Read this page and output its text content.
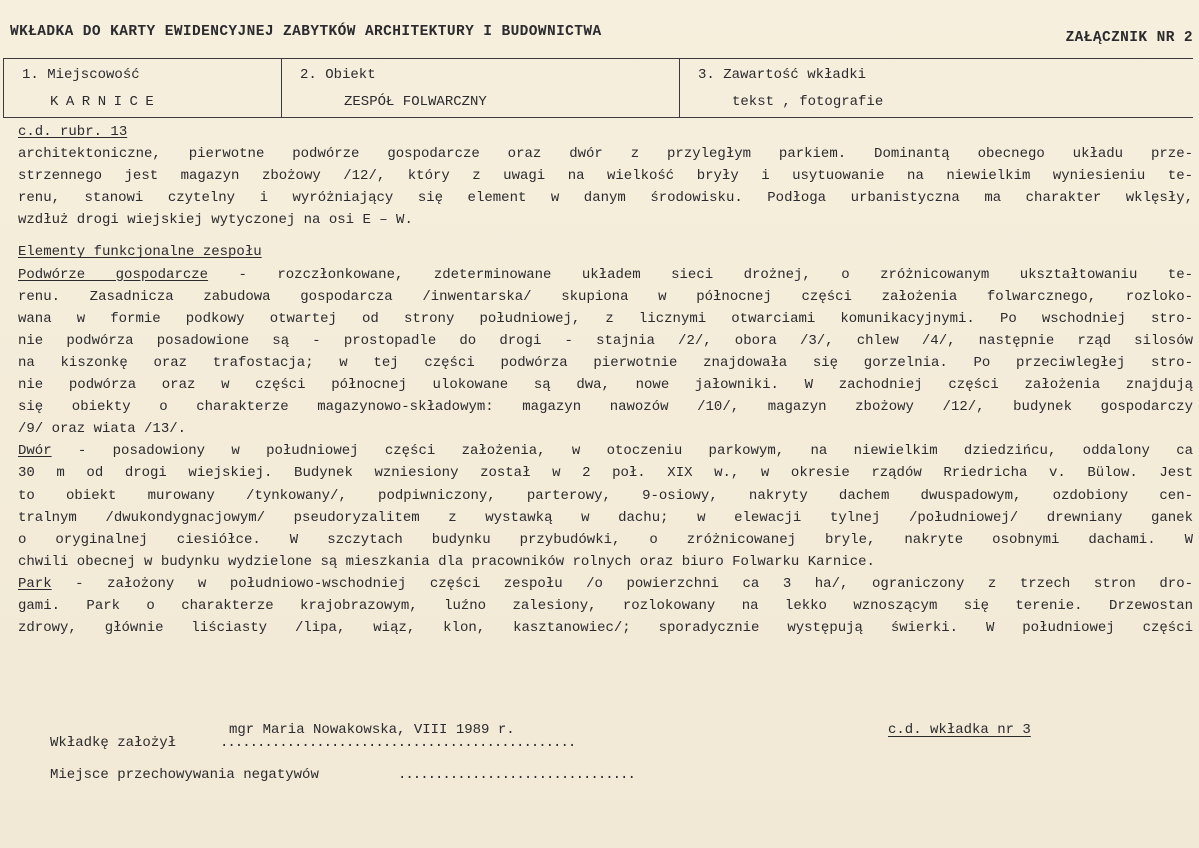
WKŁADKA DO KARTY EWIDENCYJNEJ ZABYTKÓW ARCHITEKTURY I BUDOWNICTWA	ZAŁĄCZNIK NR 2
1. Miejscowość
KARNICE
2. Obiekt
ZESPÓŁ FOLWARCZNY
3. Zawartość wkładki
tekst , fotografie
c.d. rubr. 13
architektoniczne, pierwotne podwórze gospodarcze oraz dwór z przyległym parkiem. Dominantą obecnego układu prze-
strzennego jest magazyn zbożowy /12/, który z uwagi na wielkość bryły i usytuowanie na niewielkim wyniesieniu te-
renu, stanowi czytelny i wyróżniający się element w danym środowisku. Podłoga urbanistyczna ma charakter wklęsły,
wzdłuż drogi wiejskiej wytyczonej na osi E – W.
Elementy funkcjonalne zespołu
Podwórze gospodarcze - rozczłonkowane, zdeterminowane układem sieci drożnej, o zróżnicowanym ukształtowaniu te-
renu. Zasadnicza zabudowa gospodarcza /inwentarska/ skupiona w północnej części założenia folwarcznego, rozloko-
wana w formie podkowy otwartej od strony południowej, z licznymi otwarciami komunikacyjnymi. Po wschodniej stro-
nie podwórza posadowione są - prostopadle do drogi - stajnia /2/, obora /3/, chlew /4/, następnie rząd silosów
na kiszonkę oraz trafostacja; w tej części podwórza pierwotnie znajdowała się gorzelnia. Po przeciwległej stro-
nie podwórza oraz w części północnej ulokowane są dwa, nowe jałowniki. W zachodniej części założenia znajdują
się obiekty o charakterze magazynowo-składowym: magazyn nawozów /10/, magazyn zbożowy /12/, budynek gospodarczy
/9/ oraz wiata /13/.
Dwór - posadowiony w południowej części założenia, w otoczeniu parkowym, na niewielkim dziedzińcu, oddalony ca
30 m od drogi wiejskiej. Budynek wzniesiony został w 2 poł. XIX w., w okresie rządów Rriedricha v. Bülow. Jest
to obiekt murowany /tynkowany/, podpiwniczony, parterowy, 9-osiowy, nakryty dachem dwuspadowym, ozdobiony cen-
tralnym /dwukondygnacjowym/ pseudoryzalitem z wystawką w dachu; w elewacji tylnej /południowej/ drewniany ganek
o oryginalnej ciesiółce. W szczytach budynku przybudówki, o zróżnicowanej bryle, nakryte osobnymi dachami. W
chwili obecnej w budynku wydzielone są mieszkania dla pracowników rolnych oraz biuro Folwarku Karnice.
Park - założony w południowo-wschodniej części zespołu /o powierzchni ca 3 ha/, ograniczony z trzech stron dro-
gami. Park o charakterze krajobrazowym, luźno zalesiony, rozlokowany na lekko wznoszącym się terenie. Drzewostan
zdrowy, głównie liściasty /lipa, wiąz, klon, kasztanowiec/; sporadycznie występują świerki. W południowej części
Wkładkę założył	................................................
mgr Maria Nowakowska, VIII 1989 r.	c.d. wkładka nr 3
Miejsce przechowywania negatywów	................................
